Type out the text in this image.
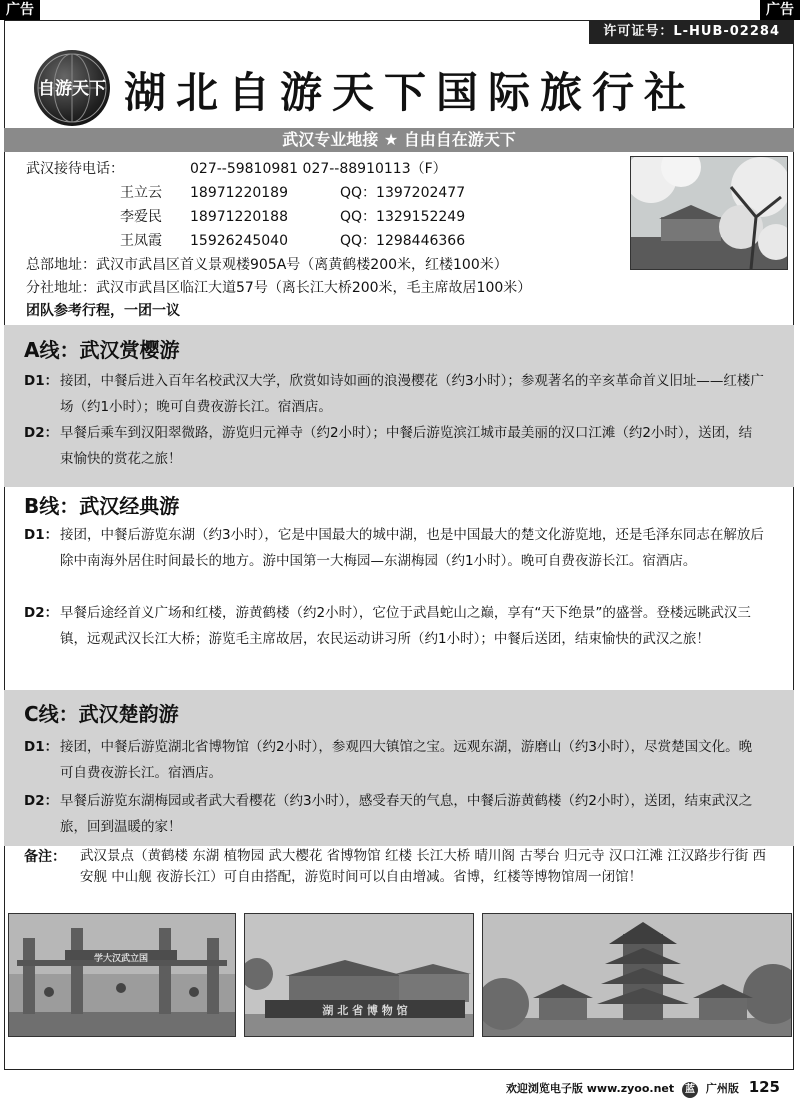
广告	广告
许可证号：L-HUB-02284
自游天下 湖北自游天下国际旅行社
武汉专业地接 ★ 自由自在游天下
武汉接待电话：	027--59810981 027--88910113（F）
王立云 18971220189	QQ：1397202477
李爱民 18971220188	QQ：1329152249
王凤霞 15926245040	QQ：1298446366
总部地址：武汉市武昌区首义景观楼905A号（离黄鹤楼200米，红楼100米）
分社地址：武汉市武昌区临江大道57号（离长江大桥200米，毛主席故居100米）
团队参考行程，一团一议
A线：武汉赏樱游
D1： 接团，中餐后进入百年名校武汉大学，欣赏如诗如画的浪漫樱花（约3小时）；参观著名的辛亥革命首义旧址——红楼广场（约1小时）；晚可自费夜游长江。宿酒店。
D2： 早餐后乘车到汉阳翠微路，游览归元禅寺（约2小时）；中餐后游览滨江城市最美丽的汉口江滩（约2小时），送团，结束愉快的赏花之旅！
B线：武汉经典游
D1： 接团，中餐后游览东湖（约3小时），它是中国最大的城中湖，也是中国最大的楚文化游览地，还是毛泽东同志在解放后除中南海外居住时间最长的地方。游中国第一大梅园—东湖梅园（约1小时）。晚可自费夜游长江。宿酒店。
D2： 早餐后途经首义广场和红楼，游黄鹤楼（约2小时），它位于武昌蛇山之巅，享有“天下绝景”的盛誉。登楼远眺武汉三镇，远观武汉长江大桥；游览毛主席故居，农民运动讲习所（约1小时）；中餐后送团，结束愉快的武汉之旅！
C线：武汉楚韵游
D1： 接团，中餐后游览湖北省博物馆（约2小时），参观四大镇馆之宝。远观东湖，游磨山（约3小时），尽赏楚国文化。晚可自费夜游长江。宿酒店。
D2： 早餐后游览东湖梅园或者武大看樱花（约3小时），感受春天的气息，中餐后游黄鹤楼（约2小时），送团，结束武汉之旅，回到温暖的家！
备注： 武汉景点（黄鹤楼 东湖 植物园 武大樱花 省博物馆 红楼 长江大桥 晴川阁 古琴台 归元寺 汉口江滩 江汉路步行街 西安舰 中山舰 夜游长江）可自由搭配，游览时间可以自由增减。省博，红楼等博物馆周一闭馆！
学大汉武立国
湖 北 省 博 物 馆
欢迎浏览电子版 www.zyoo.net 蓝 广州版 125
